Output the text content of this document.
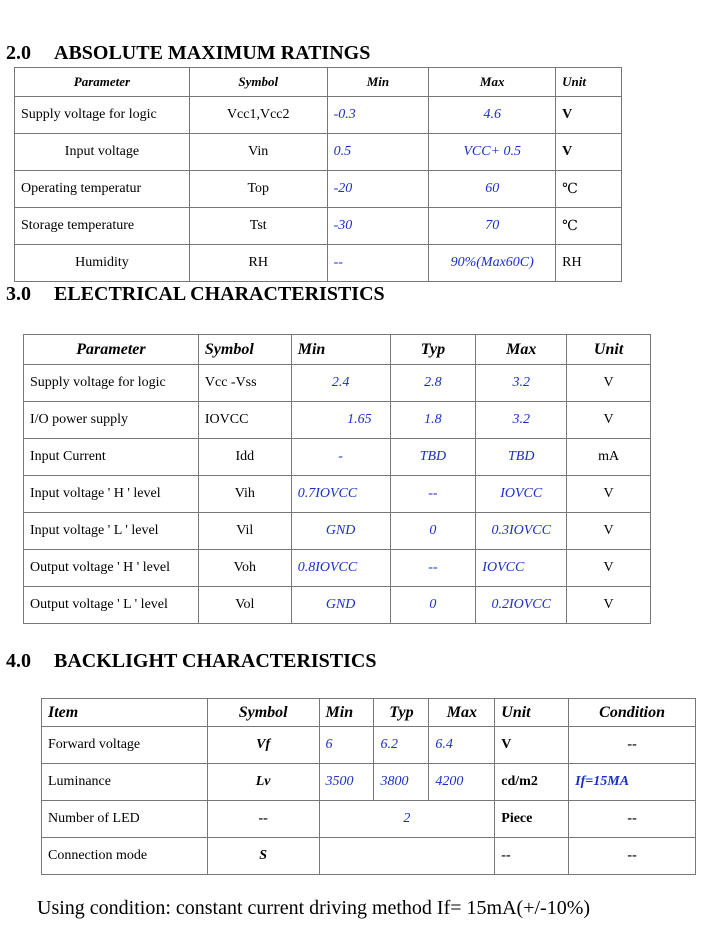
2.0 ABSOLUTE MAXIMUM RATINGS
Parameter	Symbol	Min	Max	Unit
Supply voltage for logic	Vcc1,Vcc2	-0.3	4.6	V
Input voltage	Vin	0.5	VCC+ 0.5	V
Operating temperatur	Top	-20	60	℃
Storage temperature	Tst	-30	70	℃
Humidity	RH	--	90%(Max60C)	RH
3.0 ELECTRICAL CHARACTERISTICS
Parameter	Symbol	Min	Typ	Max	Unit
Supply voltage for logic	Vcc -Vss	2.4	2.8	3.2	V
I/O power supply	IOVCC	1.65	1.8	3.2	V
Input Current	Idd	-	TBD	TBD	mA
Input voltage ' H ' level	Vih	0.7IOVCC	--	IOVCC	V
Input voltage ' L ' level	Vil	GND	0	0.3IOVCC	V
Output voltage ' H ' level	Voh	0.8IOVCC	--	IOVCC	V
Output voltage ' L ' level	Vol	GND	0	0.2IOVCC	V
4.0 BACKLIGHT CHARACTERISTICS
Item	Symbol	Min	Typ	Max	Unit	Condition
Forward voltage	Vf	6	6.2	6.4	V	--
Luminance	Lv	3500	3800	4200	cd/m2	If=15MA
Number of LED	--	2			Piece	--
Connection mode	S				--	--
Using condition: constant current driving method If= 15mA(+/-10%)
